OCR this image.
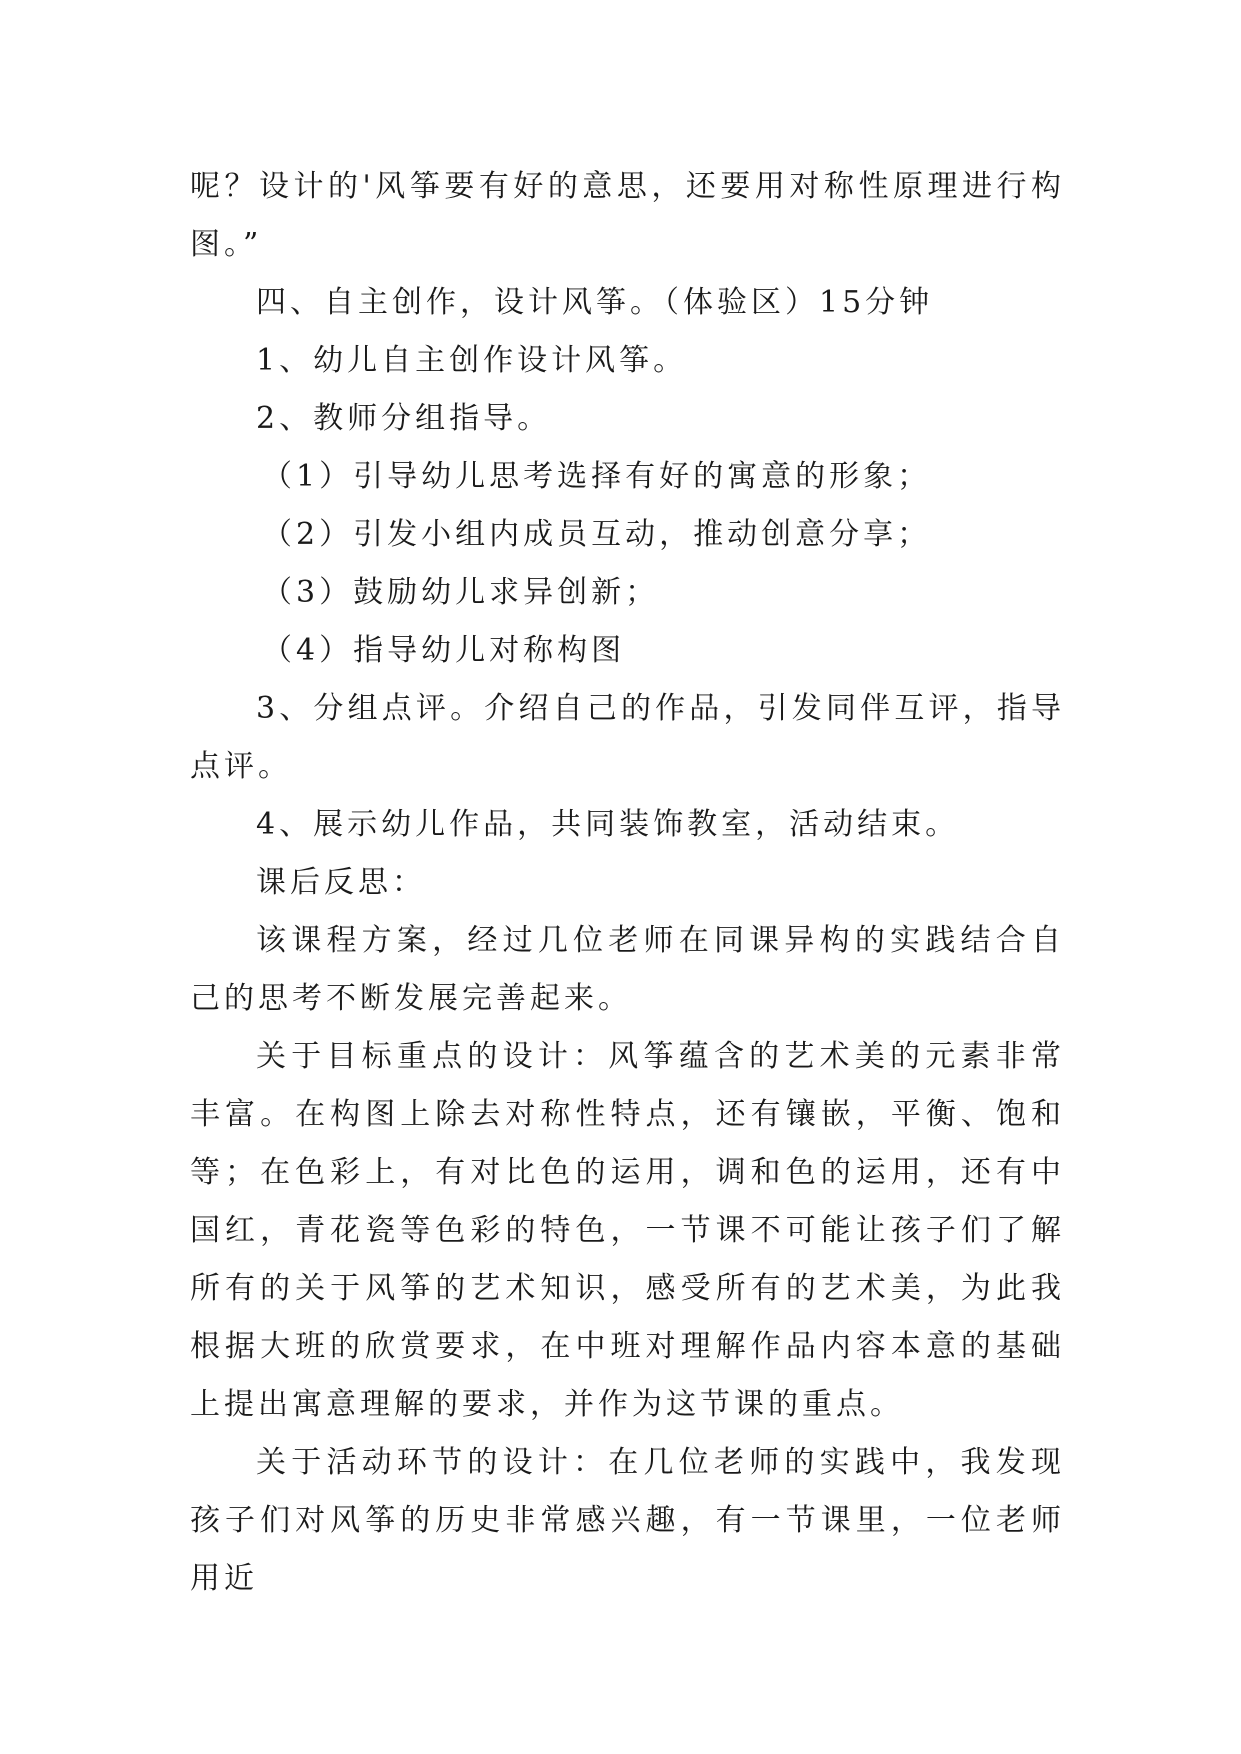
呢？设计的'风筝要有好的意思，还要用对称性原理进行构图。”

四、自主创作，设计风筝。（体验区）15分钟

1、幼儿自主创作设计风筝。

2、教师分组指导。

（1）引导幼儿思考选择有好的寓意的形象；

（2）引发小组内成员互动，推动创意分享；

（3）鼓励幼儿求异创新；

（4）指导幼儿对称构图

3、分组点评。介绍自己的作品，引发同伴互评，指导点评。

4、展示幼儿作品，共同装饰教室，活动结束。

课后反思：

该课程方案，经过几位老师在同课异构的实践结合自己的思考不断发展完善起来。

关于目标重点的设计：风筝蕴含的艺术美的元素非常丰富。在构图上除去对称性特点，还有镶嵌，平衡、饱和等；在色彩上，有对比色的运用，调和色的运用，还有中国红，青花瓷等色彩的特色，一节课不可能让孩子们了解所有的关于风筝的艺术知识，感受所有的艺术美，为此我根据大班的欣赏要求，在中班对理解作品内容本意的基础上提出寓意理解的要求，并作为这节课的重点。

关于活动环节的设计：在几位老师的实践中，我发现孩子们对风筝的历史非常感兴趣，有一节课里，一位老师用近
